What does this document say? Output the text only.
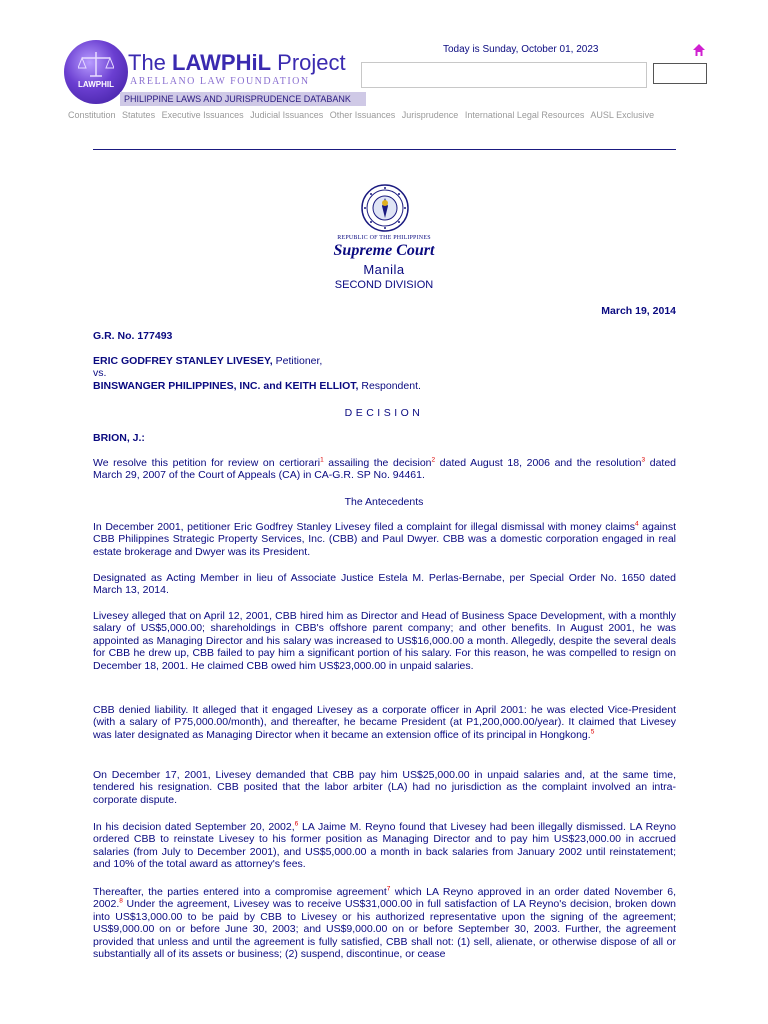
LAWPHIL
The LAWPHiL Project
ARELLANO LAW FOUNDATION
PHILIPPINE LAWS AND JURISPRUDENCE DATABANK
Today is Sunday, October 01, 2023
Constitution Statutes Executive Issuances Judicial Issuances Other Issuances Jurisprudence International Legal Resources AUSL Exclusive
REPUBLIC OF THE PHILIPPINES
Supreme Court
Manila
SECOND DIVISION
March 19, 2014
G.R. No. 177493
ERIC GODFREY STANLEY LIVESEY, Petitioner,
vs.
BINSWANGER PHILIPPINES, INC. and KEITH ELLIOT, Respondent.
DECISION
BRION, J.:
We resolve this petition for review on certiorari$^1$ assailing the decision$^2$ dated August 18, 2006 and the resolution$^3$ dated March 29, 2007 of the Court of Appeals (CA) in CA-G.R. SP No. 94461.
The Antecedents
In December 2001, petitioner Eric Godfrey Stanley Livesey filed a complaint for illegal dismissal with money claims$^4$ against CBB Philippines Strategic Property Services, Inc. (CBB) and Paul Dwyer. CBB was a domestic corporation engaged in real estate brokerage and Dwyer was its President.
Designated as Acting Member in lieu of Associate Justice Estela M. Perlas-Bernabe, per Special Order No. 1650 dated March 13, 2014.
Livesey alleged that on April 12, 2001, CBB hired him as Director and Head of Business Space Development, with a monthly salary of US$5,000.00; shareholdings in CBB's offshore parent company; and other benefits. In August 2001, he was appointed as Managing Director and his salary was increased to US$16,000.00 a month. Allegedly, despite the several deals for CBB he drew up, CBB failed to pay him a significant portion of his salary. For this reason, he was compelled to resign on December 18, 2001. He claimed CBB owed him US$23,000.00 in unpaid salaries.
CBB denied liability. It alleged that it engaged Livesey as a corporate officer in April 2001: he was elected Vice-President (with a salary of P75,000.00/month), and thereafter, he became President (at P1,200,000.00/year). It claimed that Livesey was later designated as Managing Director when it became an extension office of its principal in Hongkong.$^5$
On December 17, 2001, Livesey demanded that CBB pay him US$25,000.00 in unpaid salaries and, at the same time, tendered his resignation. CBB posited that the labor arbiter (LA) had no jurisdiction as the complaint involved an intra-corporate dispute.
In his decision dated September 20, 2002,$^6$ LA Jaime M. Reyno found that Livesey had been illegally dismissed. LA Reyno ordered CBB to reinstate Livesey to his former position as Managing Director and to pay him US$23,000.00 in accrued salaries (from July to December 2001), and US$5,000.00 a month in back salaries from January 2002 until reinstatement; and 10% of the total award as attorney's fees.
Thereafter, the parties entered into a compromise agreement$^7$ which LA Reyno approved in an order dated November 6, 2002.$^8$ Under the agreement, Livesey was to receive US$31,000.00 in full satisfaction of LA Reyno's decision, broken down into US$13,000.00 to be paid by CBB to Livesey or his authorized representative upon the signing of the agreement; US$9,000.00 on or before June 30, 2003; and US$9,000.00 on or before September 30, 2003. Further, the agreement provided that unless and until the agreement is fully satisfied, CBB shall not: (1) sell, alienate, or otherwise dispose of all or substantially all of its assets or business; (2) suspend, discontinue, or cease
